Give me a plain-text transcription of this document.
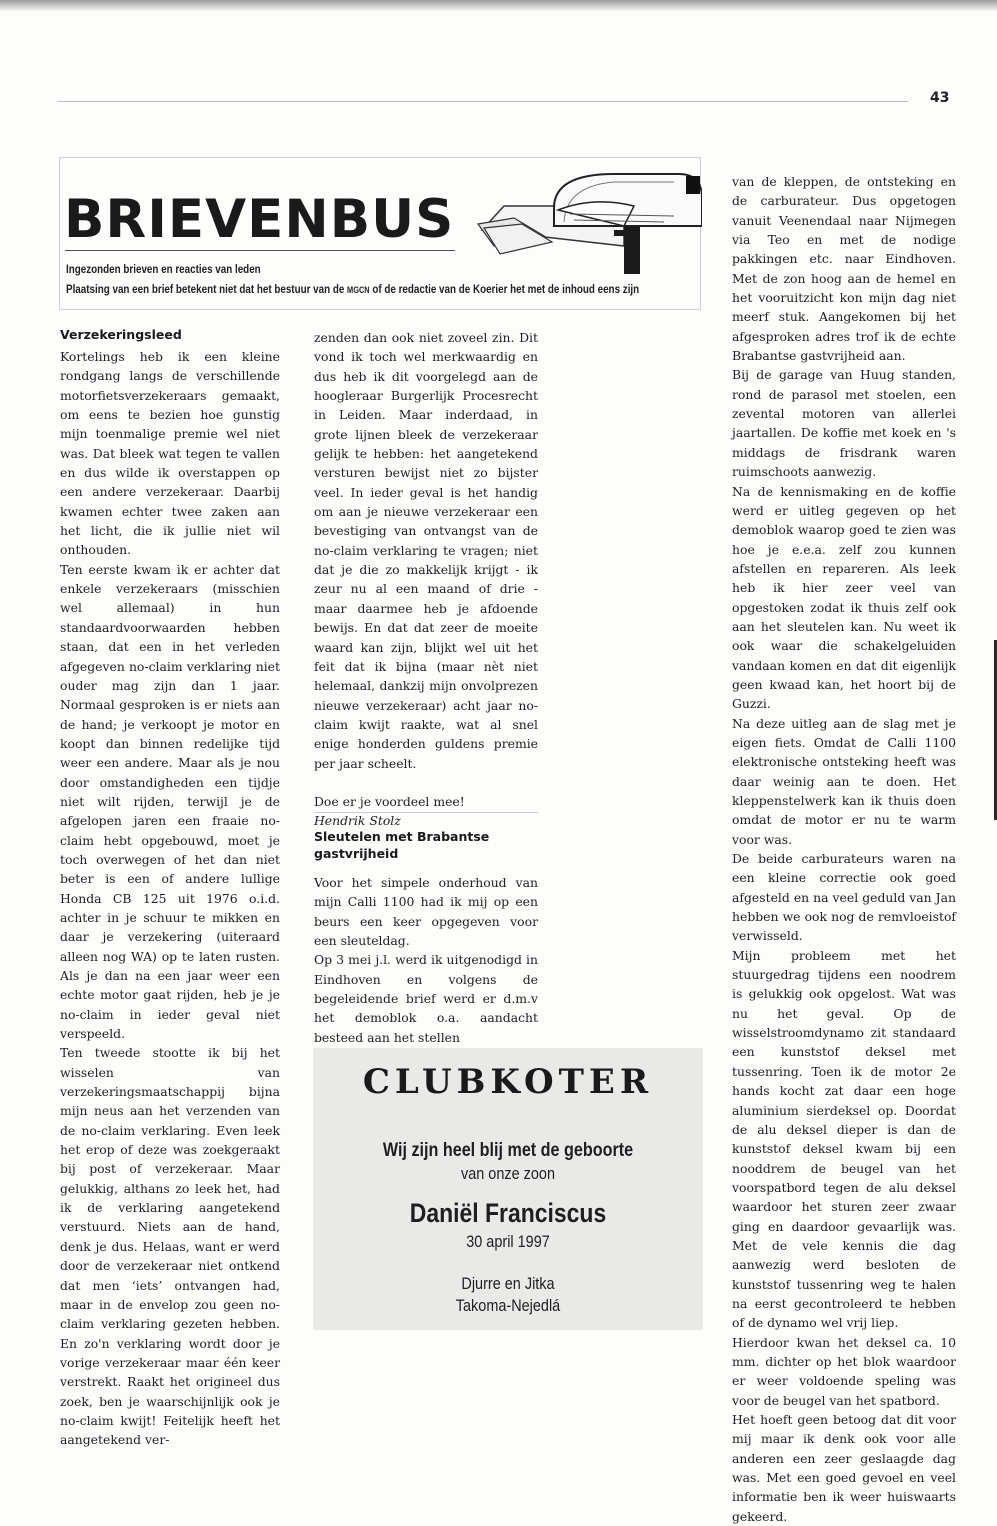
43
BRIEVENBUS
Ingezonden brieven en reacties van leden
Plaatsing van een brief betekent niet dat het bestuur van de MGCN of de redactie van de Koerier het met de inhoud eens zijn
Verzekeringsleed

Kortelings heb ik een kleine rondgang langs de verschillende motorfietsverzekeraars gemaakt, om eens te bezien hoe gunstig mijn toenmalige premie wel niet was. Dat bleek wat tegen te vallen en dus wilde ik overstappen op een andere verzekeraar. Daarbij kwamen echter twee zaken aan het licht, die ik jullie niet wil onthouden.

Ten eerste kwam ik er achter dat enkele verzekeraars (misschien wel allemaal) in hun standaardvoorwaarden hebben staan, dat een in het verleden afgegeven no-claim verklaring niet ouder mag zijn dan 1 jaar. Normaal gesproken is er niets aan de hand; je verkoopt je motor en koopt dan binnen redelijke tijd weer een andere. Maar als je nou door omstandigheden een tijdje niet wilt rijden, terwijl je de afgelopen jaren een fraaie no-claim hebt opgebouwd, moet je toch overwegen of het dan niet beter is een of andere lullige Honda CB 125 uit 1976 o.i.d. achter in je schuur te mikken en daar je verzekering (uiteraard alleen nog WA) op te laten rusten. Als je dan na een jaar weer een echte motor gaat rijden, heb je je no-claim in ieder geval niet verspeeld.

Ten tweede stootte ik bij het wisselen van verzekeringsmaatschappij bijna mijn neus aan het verzenden van de no-claim verklaring. Even leek het erop of deze was zoekgeraakt bij post of verzekeraar. Maar gelukkig, althans zo leek het, had ik de verklaring aangetekend verstuurd. Niets aan de hand, denk je dus. Helaas, want er werd door de verzekeraar niet ontkend dat men ‘iets’ ontvangen had, maar in de envelop zou geen no-claim verklaring gezeten hebben. En zo'n verklaring wordt door je vorige verzekeraar maar één keer verstrekt. Raakt het origineel dus zoek, ben je waarschijnlijk ook je no-claim kwijt! Feitelijk heeft het aangetekend ver-

zenden dan ook niet zoveel zin. Dit vond ik toch wel merkwaardig en dus heb ik dit voorgelegd aan de hoogleraar Burgerlijk Procesrecht in Leiden. Maar inderdaad, in grote lijnen bleek de verzekeraar gelijk te hebben: het aangetekend versturen bewijst niet zo bijster veel. In ieder geval is het handig om aan je nieuwe verzekeraar een bevestiging van ontvangst van de no-claim verklaring te vragen; niet dat je die zo makkelijk krijgt - ik zeur nu al een maand of drie - maar daarmee heb je afdoende bewijs. En dat dat zeer de moeite waard kan zijn, blijkt wel uit het feit dat ik bijna (maar nèt niet helemaal, dankzij mijn onvolprezen nieuwe verzekeraar) acht jaar no-claim kwijt raakte, wat al snel enige honderden guldens premie per jaar scheelt.

Doe er je voordeel mee!

Hendrik Stolz

Sleutelen met Brabantse gastvrijheid

Voor het simpele onderhoud van mijn Calli 1100 had ik mij op een beurs een keer opgegeven voor een sleuteldag.

Op 3 mei j.l. werd ik uitgenodigd in Eindhoven en volgens de begeleidende brief werd er d.m.v het demoblok o.a. aandacht besteed aan het stellen

van de kleppen, de ontsteking en de carburateur. Dus opgetogen vanuit Veenendaal naar Nijmegen via Teo en met de nodige pakkingen etc. naar Eindhoven. Met de zon hoog aan de hemel en het vooruitzicht kon mijn dag niet meerf stuk. Aangekomen bij het afgesproken adres trof ik de echte Brabantse gastvrijheid aan.

Bij de garage van Huug standen, rond de parasol met stoelen, een zevental motoren van allerlei jaartallen. De koffie met koek en 's middags de frisdrank waren ruimschoots aanwezig.

Na de kennismaking en de koffie werd er uitleg gegeven op het demoblok waarop goed te zien was hoe je e.e.a. zelf zou kunnen afstellen en repareren. Als leek heb ik hier zeer veel van opgestoken zodat ik thuis zelf ook aan het sleutelen kan. Nu weet ik ook waar die schakelgeluiden vandaan komen en dat dit eigenlijk geen kwaad kan, het hoort bij de Guzzi.

Na deze uitleg aan de slag met je eigen fiets. Omdat de Calli 1100 elektronische ontsteking heeft was daar weinig aan te doen. Het kleppenstelwerk kan ik thuis doen omdat de motor er nu te warm voor was.

De beide carburateurs waren na een kleine correctie ook goed afgesteld en na veel geduld van Jan hebben we ook nog de remvloeistof verwisseld.

Mijn probleem met het stuurgedrag tijdens een noodrem is gelukkig ook opgelost. Wat was nu het geval. Op de wisselstroomdynamo zit standaard een kunststof deksel met tussenring. Toen ik de motor 2e hands kocht zat daar een hoge aluminium sierdeksel op. Doordat de alu deksel dieper is dan de kunststof deksel kwam bij een nooddrem de beugel van het voorspatbord tegen de alu deksel waardoor het sturen zeer zwaar ging en daardoor gevaarlijk was. Met de vele kennis die dag aanwezig werd besloten de kunststof tussenring weg te halen na eerst gecontroleerd te hebben of de dynamo wel vrij liep.

Hierdoor kwan het deksel ca. 10 mm. dichter op het blok waardoor er weer voldoende speling was voor de beugel van het spatbord.

Het hoeft geen betoog dat dit voor mij maar ik denk ook voor alle anderen een zeer geslaagde dag was. Met een goed gevoel en veel informatie ben ik weer huiswaarts gekeerd.

CLUBKOTER
Wij zijn heel blij met de geboorte
van onze zoon
Daniël Franciscus
30 april 1997
Djurre en Jitka
Takoma-Nejedlá
